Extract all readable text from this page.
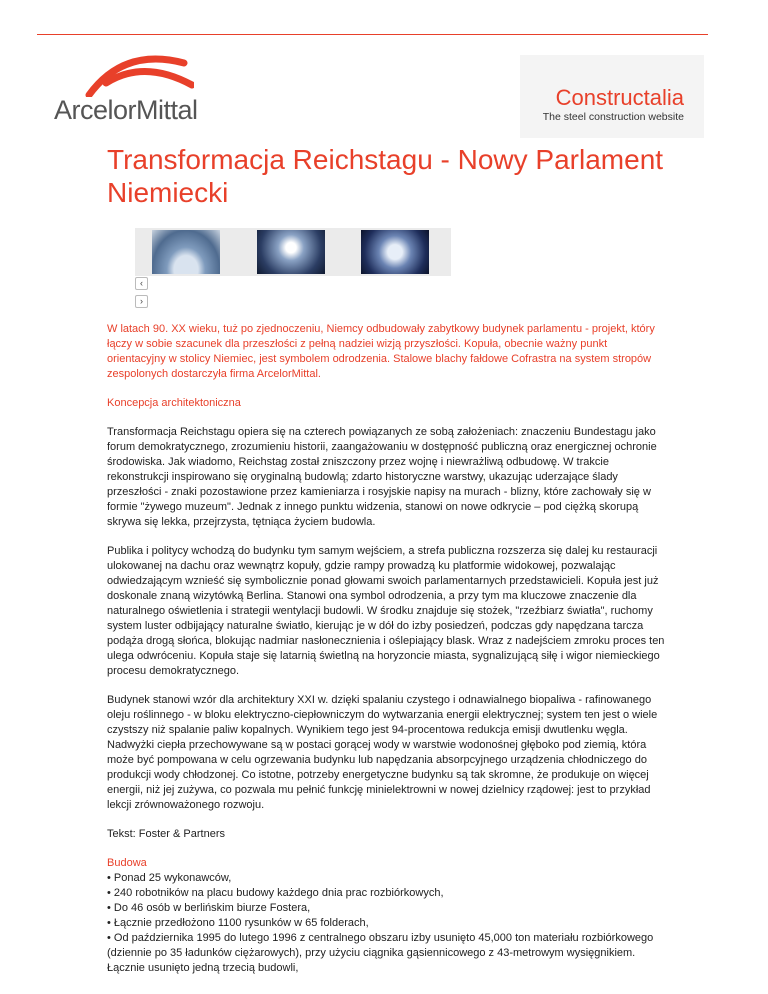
ArcelorMittal	Constructalia
The steel construction website
Transformacja Reichstagu - Nowy Parlament Niemiecki
‹
›

W latach 90. XX wieku, tuż po zjednoczeniu, Niemcy odbudowały zabytkowy budynek parlamentu - projekt, który łączy w sobie szacunek dla przeszłości z pełną nadziei wizją przyszłości. Kopuła, obecnie ważny punkt orientacyjny w stolicy Niemiec, jest symbolem odrodzenia. Stalowe blachy fałdowe Cofrastra na system stropów zespolonych dostarczyła firma ArcelorMittal.

Koncepcja architektoniczna

Transformacja Reichstagu opiera się na czterech powiązanych ze sobą założeniach: znaczeniu Bundestagu jako forum demokratycznego, zrozumieniu historii, zaangażowaniu w dostępność publiczną oraz energicznej ochronie środowiska. Jak wiadomo, Reichstag został zniszczony przez wojnę i niewrażliwą odbudowę. W trakcie rekonstrukcji inspirowano się oryginalną budowlą; zdarto historyczne warstwy, ukazując uderzające ślady przeszłości - znaki pozostawione przez kamieniarza i rosyjskie napisy na murach - blizny, które zachowały się w formie "żywego muzeum". Jednak z innego punktu widzenia, stanowi on nowe odkrycie – pod ciężką skorupą skrywa się lekka, przejrzysta, tętniąca życiem budowla.

Publika i politycy wchodzą do budynku tym samym wejściem, a strefa publiczna rozszerza się dalej ku restauracji ulokowanej na dachu oraz wewnątrz kopuły, gdzie rampy prowadzą ku platformie widokowej, pozwalając odwiedzającym wznieść się symbolicznie ponad głowami swoich parlamentarnych przedstawicieli. Kopuła jest już doskonale znaną wizytówką Berlina. Stanowi ona symbol odrodzenia, a przy tym ma kluczowe znaczenie dla naturalnego oświetlenia i strategii wentylacji budowli. W środku znajduje się stożek, "rzeźbiarz światła", ruchomy system luster odbijający naturalne światło, kierując je w dół do izby posiedzeń, podczas gdy napędzana tarcza podąża drogą słońca, blokując nadmiar nasłonecznienia i oślepiający blask. Wraz z nadejściem zmroku proces ten ulega odwróceniu. Kopuła staje się latarnią świetlną na horyzoncie miasta, sygnalizującą siłę i wigor niemieckiego procesu demokratycznego.

Budynek stanowi wzór dla architektury XXI w. dzięki spalaniu czystego i odnawialnego biopaliwa - rafinowanego oleju roślinnego - w bloku elektryczno-ciepłowniczym do wytwarzania energii elektrycznej; system ten jest o wiele czystszy niż spalanie paliw kopalnych. Wynikiem tego jest 94-procentowa redukcja emisji dwutlenku węgla. Nadwyżki ciepła przechowywane są w postaci gorącej wody w warstwie wodonośnej głęboko pod ziemią, która może być pompowana w celu ogrzewania budynku lub napędzania absorpcyjnego urządzenia chłodniczego do produkcji wody chłodzonej. Co istotne, potrzeby energetyczne budynku są tak skromne, że produkuje on więcej energii, niż jej zużywa, co pozwala mu pełnić funkcję minielektrowni w nowej dzielnicy rządowej: jest to przykład lekcji zrównoważonego rozwoju.

Tekst: Foster & Partners

Budowa
• Ponad 25 wykonawców,
• 240 robotników na placu budowy każdego dnia prac rozbiórkowych,
• Do 46 osób w berlińskim biurze Fostera,
• Łącznie przedłożono 1100 rysunków w 65 folderach,
• Od października 1995 do lutego 1996 z centralnego obszaru izby usunięto 45,000 ton materiału rozbiórkowego (dziennie po 35 ładunków ciężarowych), przy użyciu ciągnika gąsiennicowego z 43-metrowym wysięgnikiem. Łącznie usunięto jedną trzecią budowli,
